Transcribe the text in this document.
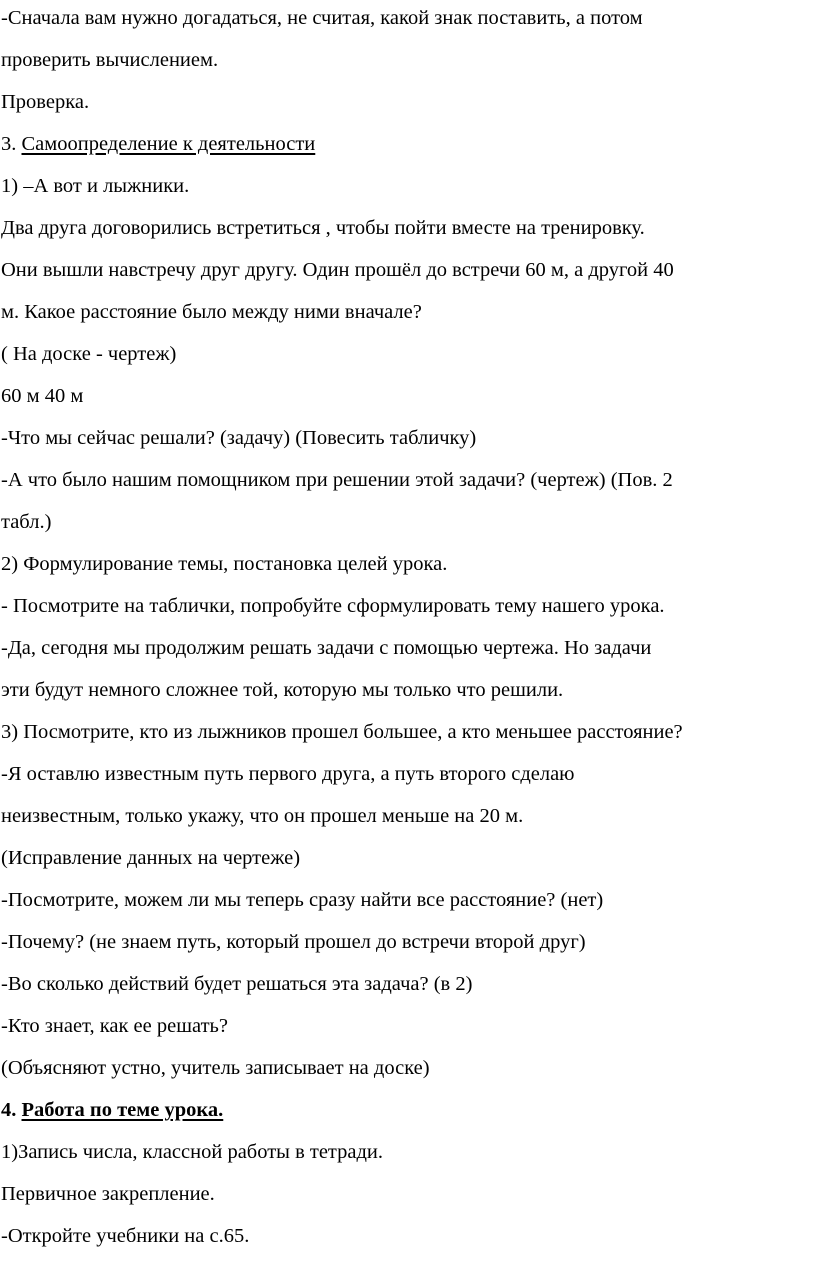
-Сначала вам нужно догадаться, не считая, какой знак поставить, а потом
проверить вычислением.
Проверка.
3. Самоопределение к деятельности
1) –А вот и лыжники.
Два друга договорились встретиться , чтобы пойти вместе на тренировку.
Они вышли навстречу друг другу. Один прошёл до встречи 60 м, а другой 40
м. Какое расстояние было между ними вначале?
( На доске - чертеж)
60 м 40 м
-Что мы сейчас решали? (задачу) (Повесить табличку)
-А что было нашим помощником при решении этой задачи? (чертеж) (Пов. 2
табл.)
2) Формулирование темы, постановка целей урока.
- Посмотрите на таблички, попробуйте сформулировать тему нашего урока.
-Да, сегодня мы продолжим решать задачи с помощью чертежа. Но задачи
эти будут немного сложнее той, которую мы только что решили.
3) Посмотрите, кто из лыжников прошел большее, а кто меньшее расстояние?
-Я оставлю известным путь первого друга, а путь второго сделаю
неизвестным, только укажу, что он прошел меньше на 20 м.
(Исправление данных на чертеже)
-Посмотрите, можем ли мы теперь сразу найти все расстояние? (нет)
-Почему? (не знаем путь, который прошел до встречи второй друг)
-Во сколько действий будет решаться эта задача? (в 2)
-Кто знает, как ее решать?
(Объясняют устно, учитель записывает на доске)
4. Работа по теме урока.
1)Запись числа, классной работы в тетради.
Первичное закрепление.
-Откройте учебники на с.65.
